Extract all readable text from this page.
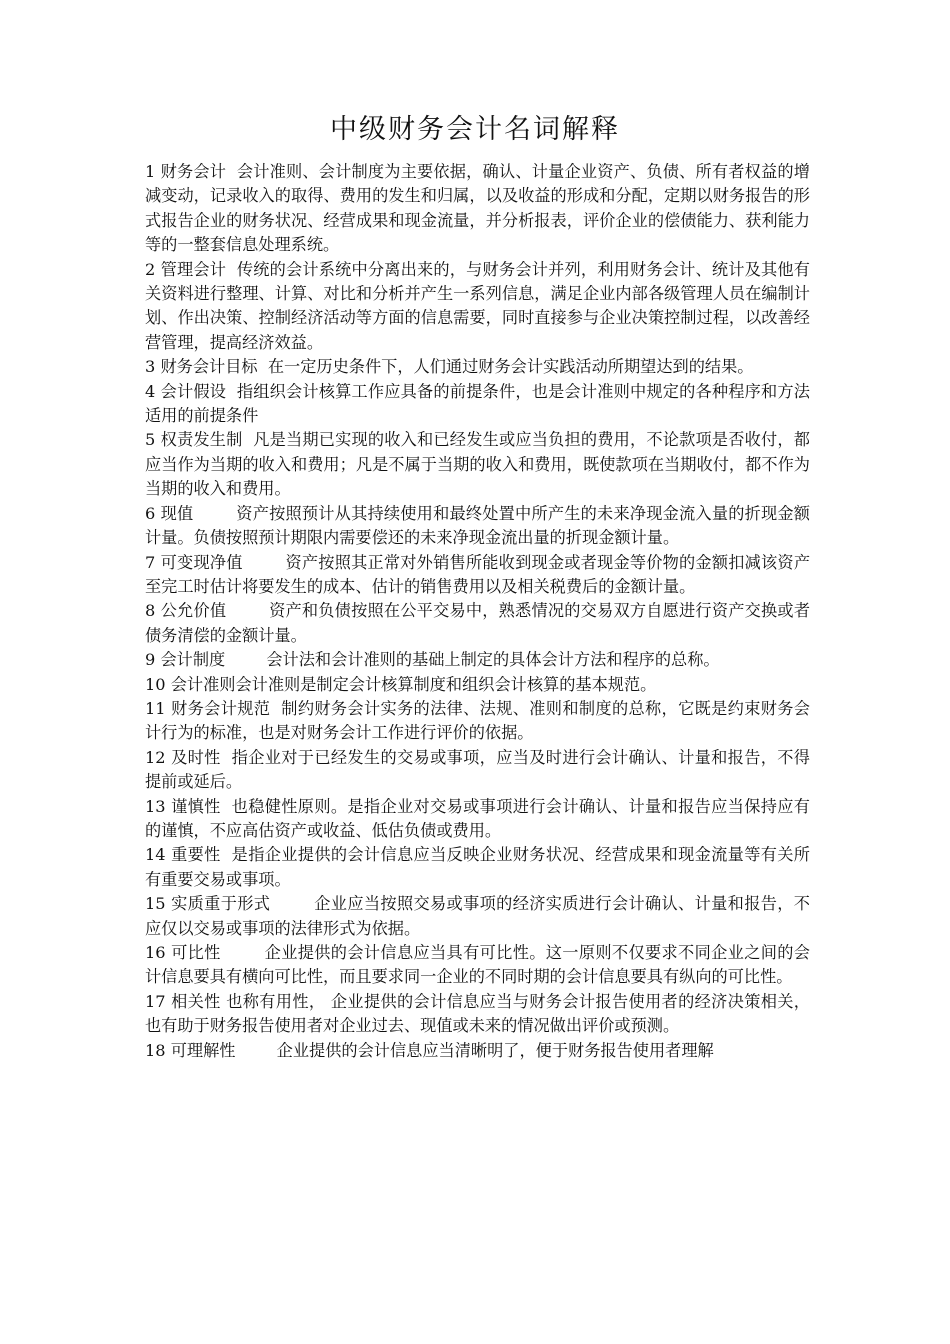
中级财务会计名词解释

1 财务会计  会计准则、会计制度为主要依据，确认、计量企业资产、负债、所有者权益的增减变动，记录收入的取得、费用的发生和归属，以及收益的形成和分配，定期以财务报告的形式报告企业的财务状况、经营成果和现金流量，并分析报表，评价企业的偿债能力、获利能力等的一整套信息处理系统。

2 管理会计  传统的会计系统中分离出来的，与财务会计并列，利用财务会计、统计及其他有关资料进行整理、计算、对比和分析并产生一系列信息，满足企业内部各级管理人员在编制计划、作出决策、控制经济活动等方面的信息需要，同时直接参与企业决策控制过程，以改善经营管理，提高经济效益。

3 财务会计目标  在一定历史条件下，人们通过财务会计实践活动所期望达到的结果。

4 会计假设  指组织会计核算工作应具备的前提条件，也是会计准则中规定的各种程序和方法适用的前提条件

5 权责发生制  凡是当期已实现的收入和已经发生或应当负担的费用，不论款项是否收付，都应当作为当期的收入和费用；凡是不属于当期的收入和费用，既使款项在当期收付，都不作为当期的收入和费用。

6 现值        资产按照预计从其持续使用和最终处置中所产生的未来净现金流入量的折现金额计量。负债按照预计期限内需要偿还的未来净现金流出量的折现金额计量。

7 可变现净值        资产按照其正常对外销售所能收到现金或者现金等价物的金额扣减该资产至完工时估计将要发生的成本、估计的销售费用以及相关税费后的金额计量。

8 公允价值        资产和负债按照在公平交易中，熟悉情况的交易双方自愿进行资产交换或者债务清偿的金额计量。

9 会计制度        会计法和会计准则的基础上制定的具体会计方法和程序的总称。

10 会计准则会计准则是制定会计核算制度和组织会计核算的基本规范。

11 财务会计规范  制约财务会计实务的法律、法规、准则和制度的总称，它既是约束财务会计行为的标准，也是对财务会计工作进行评价的依据。

12 及时性  指企业对于已经发生的交易或事项，应当及时进行会计确认、计量和报告，不得提前或延后。

13 谨慎性  也稳健性原则。是指企业对交易或事项进行会计确认、计量和报告应当保持应有的谨慎，不应高估资产或收益、低估负债或费用。

14 重要性  是指企业提供的会计信息应当反映企业财务状况、经营成果和现金流量等有关所有重要交易或事项。

15 实质重于形式        企业应当按照交易或事项的经济实质进行会计确认、计量和报告，不应仅以交易或事项的法律形式为依据。

16 可比性        企业提供的会计信息应当具有可比性。这一原则不仅要求不同企业之间的会计信息要具有横向可比性，而且要求同一企业的不同时期的会计信息要具有纵向的可比性。

17 相关性 也称有用性， 企业提供的会计信息应当与财务会计报告使用者的经济决策相关，也有助于财务报告使用者对企业过去、现值或未来的情况做出评价或预测。

18 可理解性        企业提供的会计信息应当清晰明了，便于财务报告使用者理解
